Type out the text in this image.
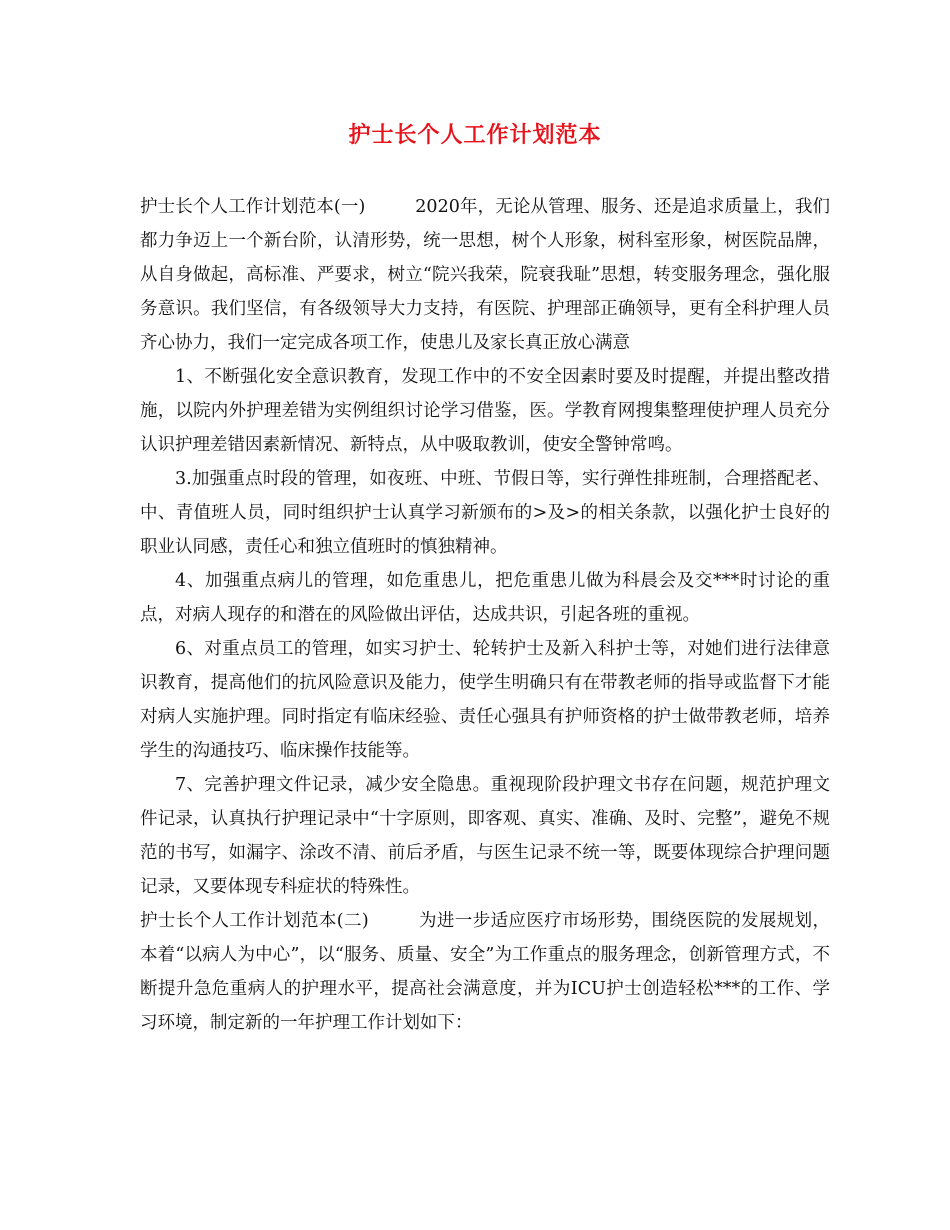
护士长个人工作计划范本

护士长个人工作计划范本(一)	2020年，无论从管理、服务、还是追求质量上，我们都力争迈上一个新台阶，认清形势，统一思想，树个人形象，树科室形象，树医院品牌，从自身做起，高标准、严要求，树立“院兴我荣，院衰我耻”思想，转变服务理念，强化服务意识。我们坚信，有各级领导大力支持，有医院、护理部正确领导，更有全科护理人员齐心协力，我们一定完成各项工作，使患儿及家长真正放心满意

1、不断强化安全意识教育，发现工作中的不安全因素时要及时提醒，并提出整改措施，以院内外护理差错为实例组织讨论学习借鉴，医。学教育网搜集整理使护理人员充分认识护理差错因素新情况、新特点，从中吸取教训，使安全警钟常鸣。

3.加强重点时段的管理，如夜班、中班、节假日等，实行弹性排班制，合理搭配老、中、青值班人员，同时组织护士认真学习新颁布的>及>的相关条款，以强化护士良好的职业认同感，责任心和独立值班时的慎独精神。

4、加强重点病儿的管理，如危重患儿，把危重患儿做为科晨会及交***时讨论的重点，对病人现存的和潜在的风险做出评估，达成共识，引起各班的重视。

6、对重点员工的管理，如实习护士、轮转护士及新入科护士等，对她们进行法律意识教育，提高他们的抗风险意识及能力，使学生明确只有在带教老师的指导或监督下才能对病人实施护理。同时指定有临床经验、责任心强具有护师资格的护士做带教老师，培养学生的沟通技巧、临床操作技能等。

7、完善护理文件记录，减少安全隐患。重视现阶段护理文书存在问题，规范护理文件记录，认真执行护理记录中“十字原则，即客观、真实、准确、及时、完整”，避免不规范的书写，如漏字、涂改不清、前后矛盾，与医生记录不统一等，既要体现综合护理问题记录，又要体现专科症状的特殊性。

护士长个人工作计划范本(二)	为进一步适应医疗市场形势，围绕医院的发展规划，本着“以病人为中心”，以“服务、质量、安全”为工作重点的服务理念，创新管理方式，不断提升急危重病人的护理水平，提高社会满意度，并为ICU护士创造轻松***的工作、学习环境，制定新的一年护理工作计划如下：
